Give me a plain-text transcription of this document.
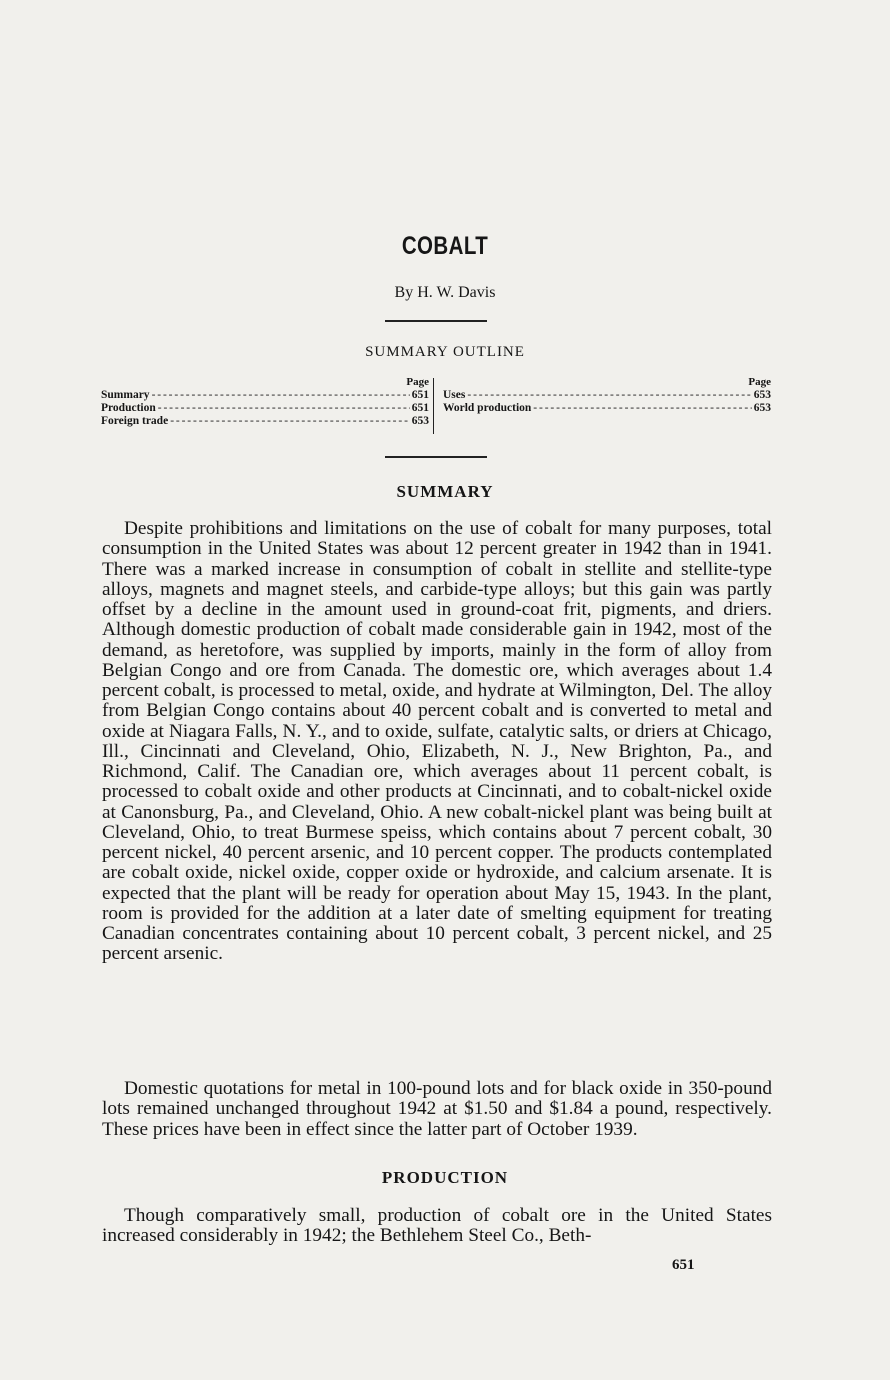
COBALT
By H. W. Davis
SUMMARY OUTLINE
Page
Summary - - -	651
Production - - -	651
Foreign trade - - -	653
Page
Uses - - -	653
World production - - -	653
SUMMARY

Despite prohibitions and limitations on the use of cobalt for many purposes, total consumption in the United States was about 12 percent greater in 1942 than in 1941. There was a marked increase in consumption of cobalt in stellite and stellite-type alloys, magnets and magnet steels, and carbide-type alloys; but this gain was partly offset by a decline in the amount used in ground-coat frit, pigments, and driers. Although domestic production of cobalt made considerable gain in 1942, most of the demand, as heretofore, was supplied by imports, mainly in the form of alloy from Belgian Congo and ore from Canada. The domestic ore, which averages about 1.4 percent cobalt, is processed to metal, oxide, and hydrate at Wilmington, Del. The alloy from Belgian Congo contains about 40 percent cobalt and is converted to metal and oxide at Niagara Falls, N. Y., and to oxide, sulfate, catalytic salts, or driers at Chicago, Ill., Cincinnati and Cleveland, Ohio, Elizabeth, N. J., New Brighton, Pa., and Richmond, Calif. The Canadian ore, which averages about 11 percent cobalt, is processed to cobalt oxide and other products at Cincinnati, and to cobalt-nickel oxide at Canonsburg, Pa., and Cleveland, Ohio. A new cobalt-nickel plant was being built at Cleveland, Ohio, to treat Burmese speiss, which contains about 7 percent cobalt, 30 percent nickel, 40 percent arsenic, and 10 percent copper. The products contemplated are cobalt oxide, nickel oxide, copper oxide or hydroxide, and calcium arsenate. It is expected that the plant will be ready for operation about May 15, 1943. In the plant, room is provided for the addition at a later date of smelting equipment for treating Canadian concentrates containing about 10 percent cobalt, 3 percent nickel, and 25 percent arsenic.

Domestic quotations for metal in 100-pound lots and for black oxide in 350-pound lots remained unchanged throughout 1942 at $1.50 and $1.84 a pound, respectively. These prices have been in effect since the latter part of October 1939.

PRODUCTION

Though comparatively small, production of cobalt ore in the United States increased considerably in 1942; the Bethlehem Steel Co., Beth-

651
